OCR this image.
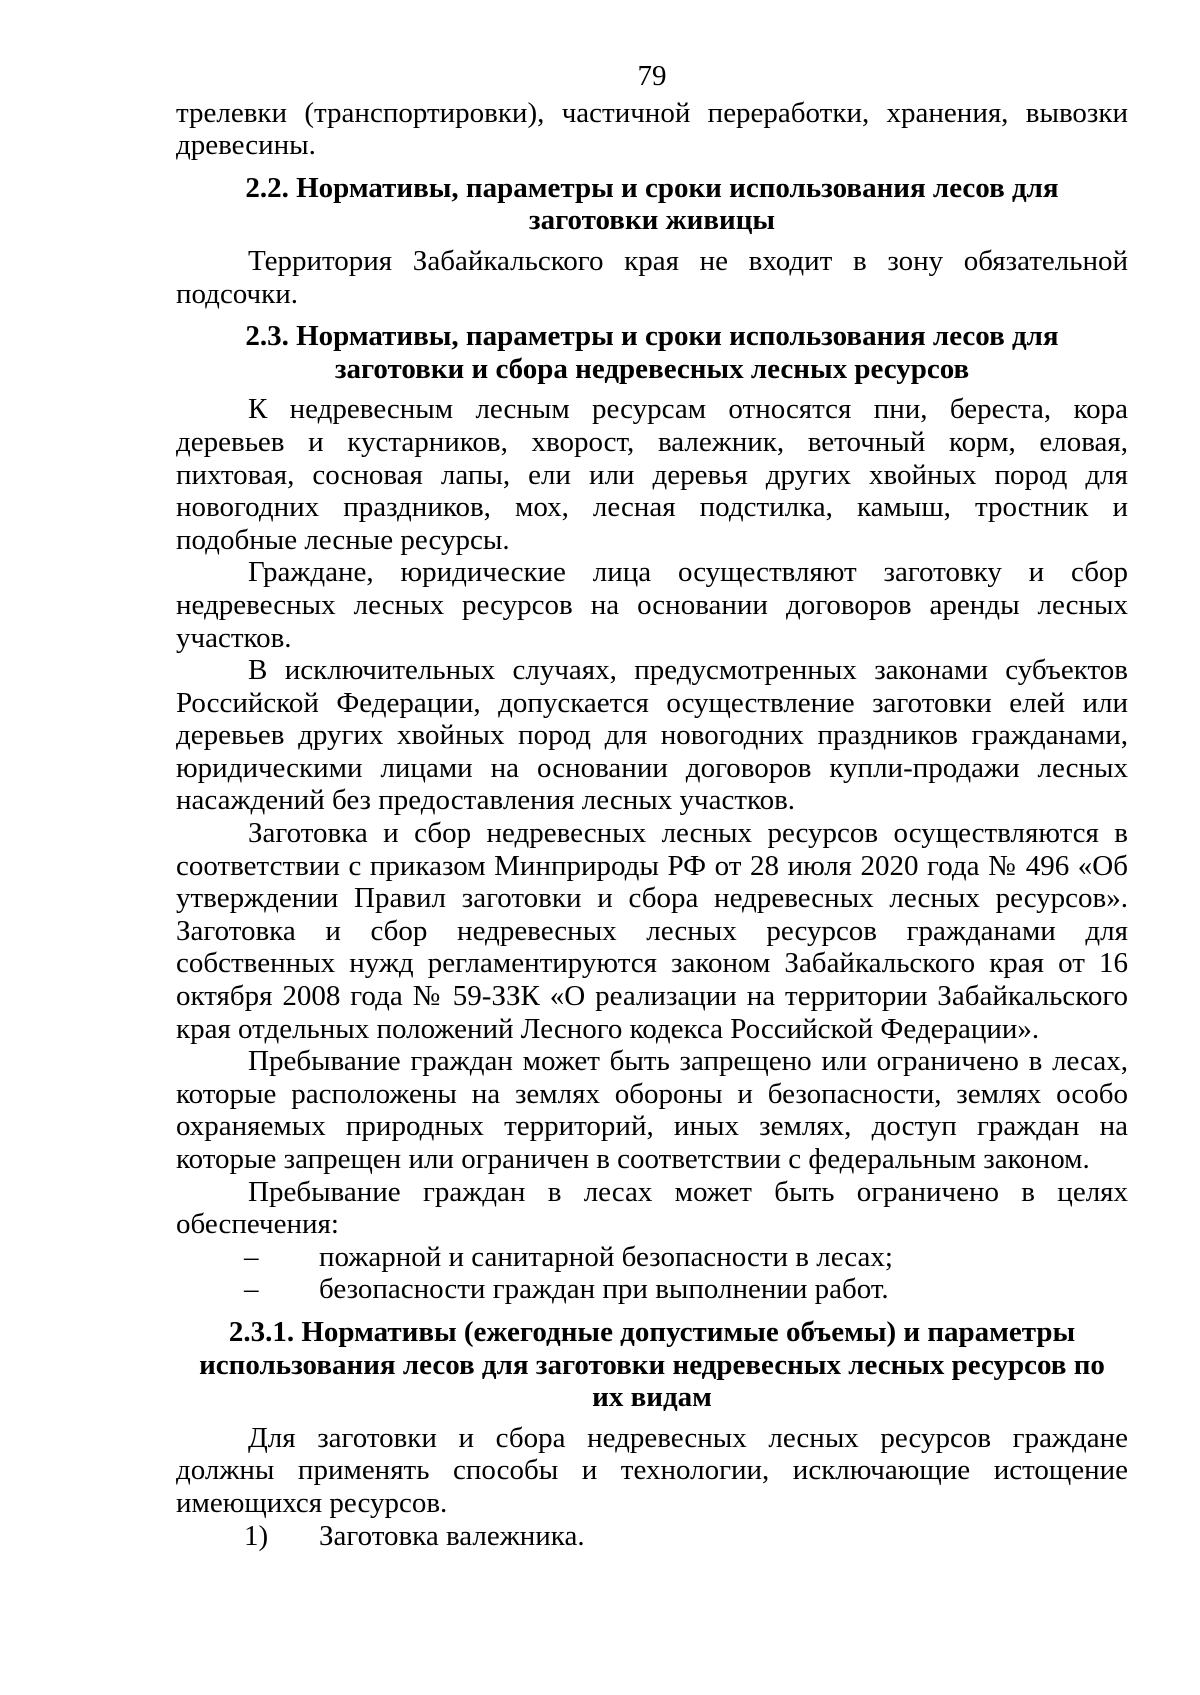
79

трелевки (транспортировки), частичной переработки, хранения, вывозки древесины.

2.2. Нормативы, параметры и сроки использования лесов для заготовки живицы

Территория Забайкальского края не входит в зону обязательной подсочки.

2.3. Нормативы, параметры и сроки использования лесов для заготовки и сбора недревесных лесных ресурсов

К недревесным лесным ресурсам относятся пни, береста, кора деревьев и кустарников, хворост, валежник, веточный корм, еловая, пихтовая, сосновая лапы, ели или деревья других хвойных пород для новогодних праздников, мох, лесная подстилка, камыш, тростник и подобные лесные ресурсы.

Граждане, юридические лица осуществляют заготовку и сбор недревесных лесных ресурсов на основании договоров аренды лесных участков.

В исключительных случаях, предусмотренных законами субъектов Российской Федерации, допускается осуществление заготовки елей или деревьев других хвойных пород для новогодних праздников гражданами, юридическими лицами на основании договоров купли-продажи лесных насаждений без предоставления лесных участков.

Заготовка и сбор недревесных лесных ресурсов осуществляются в соответствии с приказом Минприроды РФ от 28 июля 2020 года № 496 «Об утверждении Правил заготовки и сбора недревесных лесных ресурсов». Заготовка и сбор недревесных лесных ресурсов гражданами для собственных нужд регламентируются законом Забайкальского края от 16 октября 2008 года № 59-ЗЗК «О реализации на территории Забайкальского края отдельных положений Лесного кодекса Российской Федерации».

Пребывание граждан может быть запрещено или ограничено в лесах, которые расположены на землях обороны и безопасности, землях особо охраняемых природных территорий, иных землях, доступ граждан на которые запрещен или ограничен в соответствии с федеральным законом.

Пребывание граждан в лесах может быть ограничено в целях обеспечения:

– пожарной и санитарной безопасности в лесах;
– безопасности граждан при выполнении работ.
2.3.1. Нормативы (ежегодные допустимые объемы) и параметры использования лесов для заготовки недревесных лесных ресурсов по их видам

Для заготовки и сбора недревесных лесных ресурсов граждане должны применять способы и технологии, исключающие истощение имеющихся ресурсов.

1) Заготовка валежника.
